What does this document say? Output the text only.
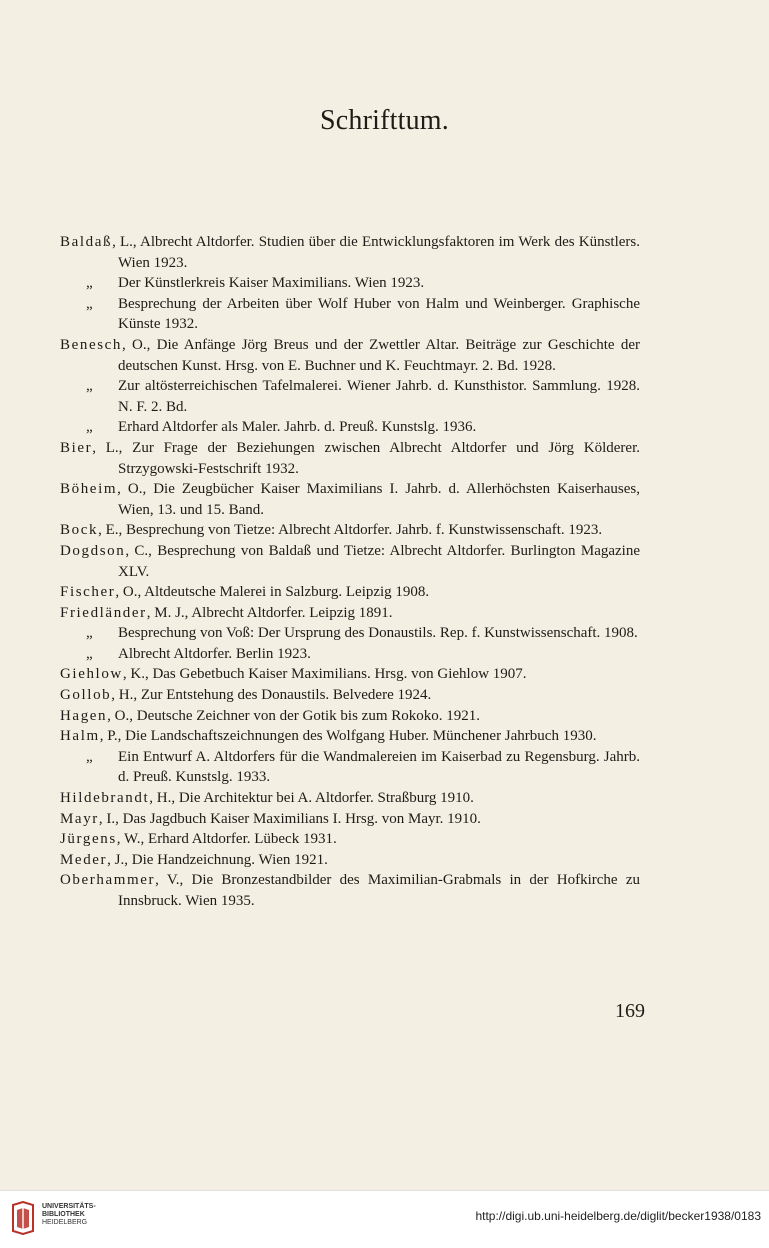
Schrifttum.

Baldaß, L., Albrecht Altdorfer. Studien über die Entwicklungsfaktoren im Werk des Künstlers. Wien 1923.

„ Der Künstlerkreis Kaiser Maximilians. Wien 1923.

„ Besprechung der Arbeiten über Wolf Huber von Halm und Weinberger. Graphische Künste 1932.

Benesch, O., Die Anfänge Jörg Breus und der Zwettler Altar. Beiträge zur Geschichte der deutschen Kunst. Hrsg. von E. Buchner und K. Feuchtmayr. 2. Bd. 1928.

„ Zur altösterreichischen Tafelmalerei. Wiener Jahrb. d. Kunsthistor. Sammlung. 1928. N. F. 2. Bd.

„ Erhard Altdorfer als Maler. Jahrb. d. Preuß. Kunstslg. 1936.

Bier, L., Zur Frage der Beziehungen zwischen Albrecht Altdorfer und Jörg Kölderer. Strzygowski-Festschrift 1932.

Böheim, O., Die Zeugbücher Kaiser Maximilians I. Jahrb. d. Allerhöchsten Kaiserhauses, Wien, 13. und 15. Band.

Bock, E., Besprechung von Tietze: Albrecht Altdorfer. Jahrb. f. Kunstwissenschaft. 1923.

Dogdson, C., Besprechung von Baldaß und Tietze: Albrecht Altdorfer. Burlington Magazine XLV.

Fischer, O., Altdeutsche Malerei in Salzburg. Leipzig 1908.

Friedländer, M. J., Albrecht Altdorfer. Leipzig 1891.

„ Besprechung von Voß: Der Ursprung des Donaustils. Rep. f. Kunstwissenschaft. 1908.

„ Albrecht Altdorfer. Berlin 1923.

Giehlow, K., Das Gebetbuch Kaiser Maximilians. Hrsg. von Giehlow 1907.

Gollob, H., Zur Entstehung des Donaustils. Belvedere 1924.

Hagen, O., Deutsche Zeichner von der Gotik bis zum Rokoko. 1921.

Halm, P., Die Landschaftszeichnungen des Wolfgang Huber. Münchener Jahrbuch 1930.

„ Ein Entwurf A. Altdorfers für die Wandmalereien im Kaiserbad zu Regensburg. Jahrb. d. Preuß. Kunstslg. 1933.

Hildebrandt, H., Die Architektur bei A. Altdorfer. Straßburg 1910.

Mayr, I., Das Jagdbuch Kaiser Maximilians I. Hrsg. von Mayr. 1910.

Jürgens, W., Erhard Altdorfer. Lübeck 1931.

Meder, J., Die Handzeichnung. Wien 1921.

Oberhammer, V., Die Bronzestandbilder des Maximilian-Grabmals in der Hofkirche zu Innsbruck. Wien 1935.

169
UNIVERSITÄTS-
BIBLIOTHEK
HEIDELBERG	http://digi.ub.uni-heidelberg.de/diglit/becker1938/0183
